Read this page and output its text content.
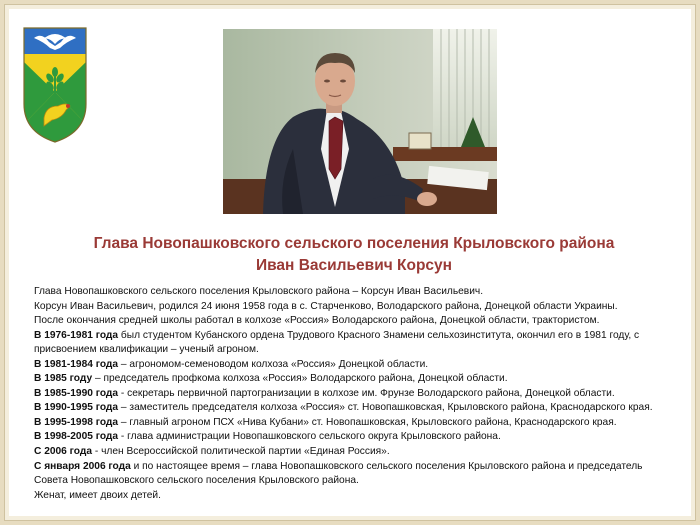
Глава Новопашковского сельского поселения Крыловского района
Иван Васильевич Корсун

Глава Новопашковского сельского поселения Крыловского района – Корсун Иван Васильевич.

Корсун Иван Васильевич, родился 24 июня 1958 года в с. Старченково, Володарского района, Донецкой области Украины.

После окончания средней школы работал в колхозе «Россия» Володарского района, Донецкой области, трактористом.

В 1976-1981 года был студентом Кубанского ордена Трудового Красного Знамени сельхозинститута, окончил его в 1981 году, с

присвоением квалификации – ученый агроном.

В 1981-1984 года – агрономом-семеноводом колхоза «Россия» Донецкой области.

В 1985 году – председатель профкома колхоза «Россия» Володарского района, Донецкой области.

В 1985-1990 года - секретарь первичной партогранизации в колхозе им. Фрунзе Володарского района, Донецкой области.

В 1990-1995 года – заместитель председателя колхоза «Россия» ст. Новопашковская, Крыловского района, Краснодарского края.

В 1995-1998 года – главный агроном ПСХ «Нива Кубани» ст. Новопашковская, Крыловского района, Краснодарского края.

В 1998-2005 года - глава администрации Новопашковского сельского округа Крыловского района.

С 2006 года - член Всероссийской политической партии «Единая Россия».

С января 2006 года и по настоящее время – глава Новопашковского сельского поселения Крыловского района и председатель

Совета Новопашковского сельского поселения Крыловского района.

Женат, имеет двоих детей.
